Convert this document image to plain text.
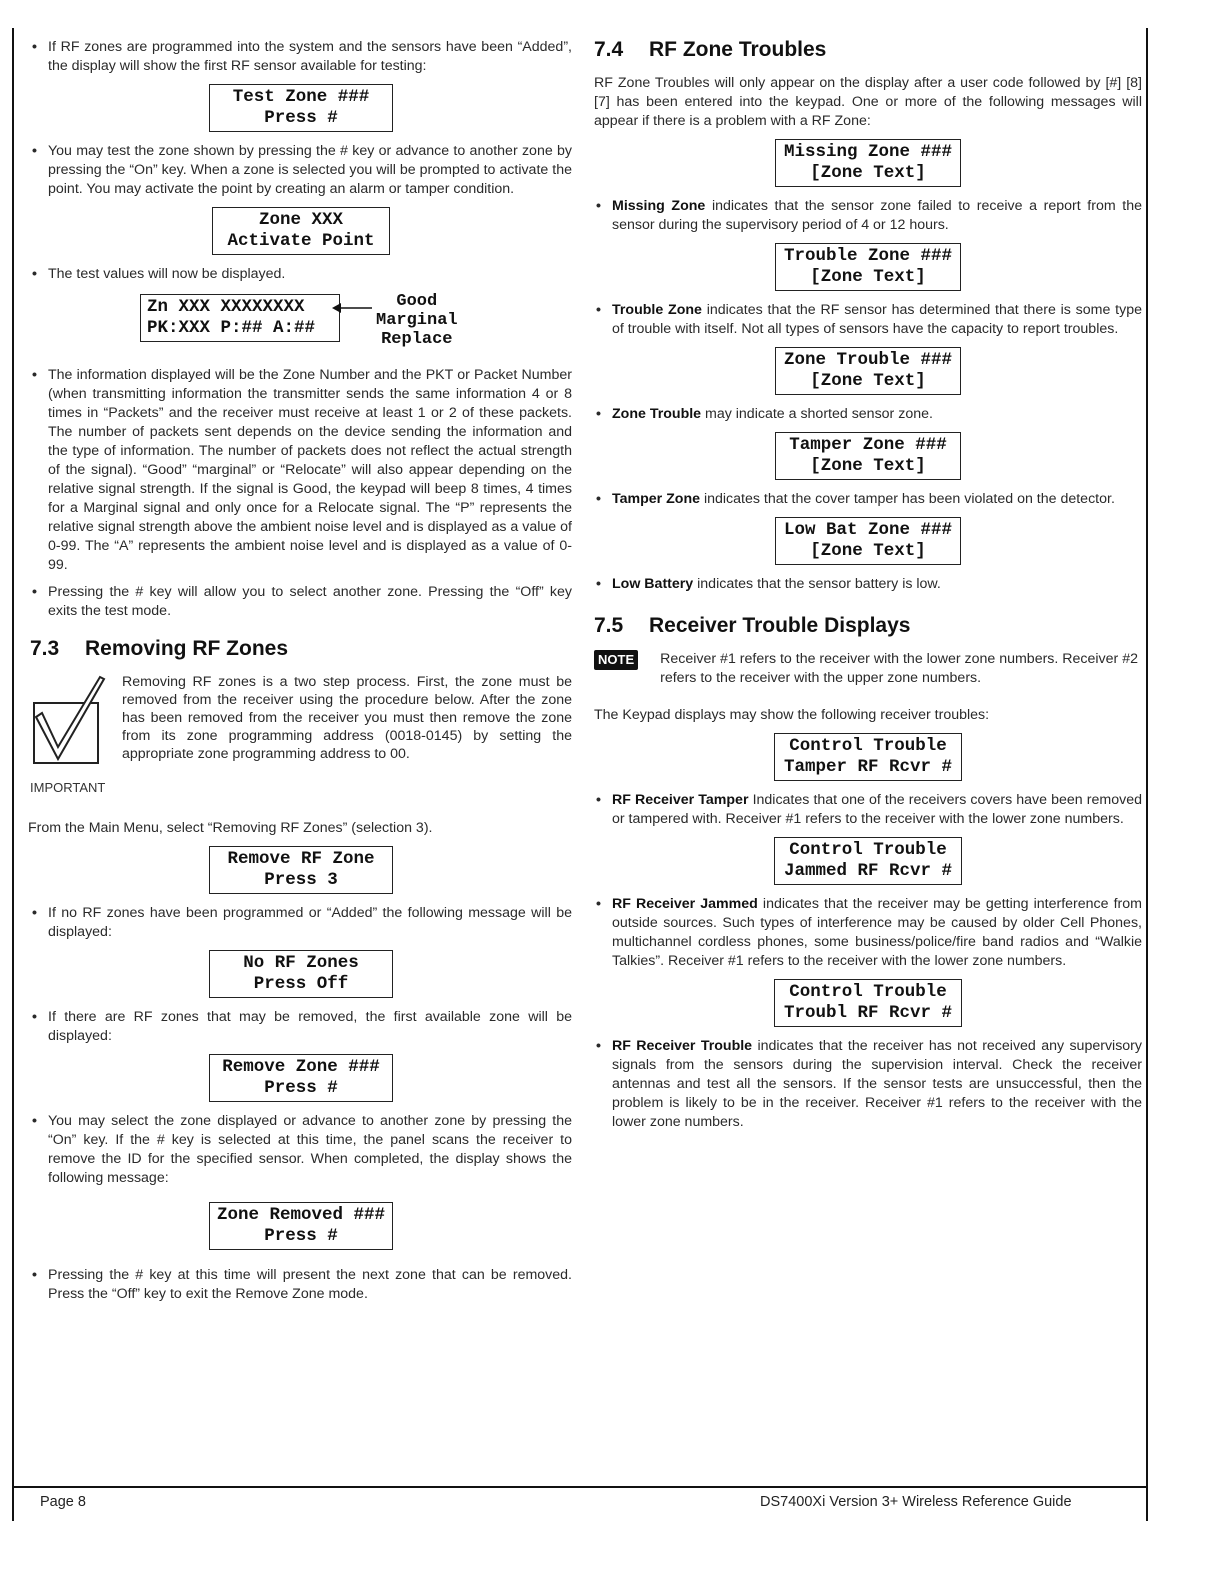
• If RF zones are programmed into the system and the sensors have been “Added”, the display will show the first RF sensor available for testing:
Test Zone ###
Press #
• You may test the zone shown by pressing the # key or advance to another zone by pressing the “On” key. When a zone is selected you will be prompted to activate the point. You may activate the point by creating an alarm or tamper condition.
Zone XXX
Activate Point
• The test values will now be displayed.
Zn XXX XXXXXXXX
PK:XXX P:## A:##
Good
Marginal
Replace
• The information displayed will be the Zone Number and the PKT or Packet Number (when transmitting information the transmitter sends the same information 4 or 8 times in “Packets” and the receiver must receive at least 1 or 2 of these packets. The number of packets sent depends on the device sending the information and the type of information. The number of packets does not reflect the actual strength of the signal). “Good” “marginal” or “Relocate” will also appear depending on the relative signal strength. If the signal is Good, the keypad will beep 8 times, 4 times for a Marginal signal and only once for a Relocate signal. The “P” represents the relative signal strength above the ambient noise level and is displayed as a value of 0-99. The “A” represents the ambient noise level and is displayed as a value of 0-99.
• Pressing the # key will allow you to select another zone. Pressing the “Off” key exits the test mode.
7.3 Removing RF Zones
IMPORTANT
Removing RF zones is a two step process. First, the zone must be removed from the receiver using the procedure below. After the zone has been removed from the receiver you must then remove the zone from its zone programming address (0018-0145) by setting the appropriate zone programming address to 00.
From the Main Menu, select “Removing RF Zones” (selection 3).
Remove RF Zone
Press 3
• If no RF zones have been programmed or “Added” the following message will be displayed:
No RF Zones
Press Off
• If there are RF zones that may be removed, the first available zone will be displayed:
Remove Zone ###
Press #
• You may select the zone displayed or advance to another zone by pressing the “On” key. If the # key is selected at this time, the panel scans the receiver to remove the ID for the specified sensor. When completed, the display shows the following message:
Zone Removed ###
Press #
• Pressing the # key at this time will present the next zone that can be removed. Press the “Off” key to exit the Remove Zone mode.
7.4 RF Zone Troubles
RF Zone Troubles will only appear on the display after a user code followed by [#] [8] [7] has been entered into the keypad. One or more of the following messages will appear if there is a problem with a RF Zone:
Missing Zone ###
[Zone Text]
• Missing Zone indicates that the sensor zone failed to receive a report from the sensor during the supervisory period of 4 or 12 hours.
Trouble Zone ###
[Zone Text]
• Trouble Zone indicates that the RF sensor has determined that there is some type of trouble with itself. Not all types of sensors have the capacity to report troubles.
Zone Trouble ###
[Zone Text]
• Zone Trouble may indicate a shorted sensor zone.
Tamper Zone ###
[Zone Text]
• Tamper Zone indicates that the cover tamper has been violated on the detector.
Low Bat Zone ###
[Zone Text]
• Low Battery indicates that the sensor battery is low.
7.5 Receiver Trouble Displays
NOTE Receiver #1 refers to the receiver with the lower zone numbers. Receiver #2 refers to the receiver with the upper zone numbers.
The Keypad displays may show the following receiver troubles:
Control Trouble
Tamper RF Rcvr #
• RF Receiver Tamper Indicates that one of the receivers covers have been removed or tampered with. Receiver #1 refers to the receiver with the lower zone numbers.
Control Trouble
Jammed RF Rcvr #
• RF Receiver Jammed indicates that the receiver may be getting interference from outside sources. Such types of interference may be caused by older Cell Phones, multichannel cordless phones, some business/police/fire band radios and “Walkie Talkies”. Receiver #1 refers to the receiver with the lower zone numbers.
Control Trouble
Troubl RF Rcvr #
• RF Receiver Trouble indicates that the receiver has not received any supervisory signals from the sensors during the supervision interval. Check the receiver antennas and test all the sensors. If the sensor tests are unsuccessful, then the problem is likely to be in the receiver. Receiver #1 refers to the receiver with the lower zone numbers.
Page 8	DS7400Xi Version 3+ Wireless Reference Guide
